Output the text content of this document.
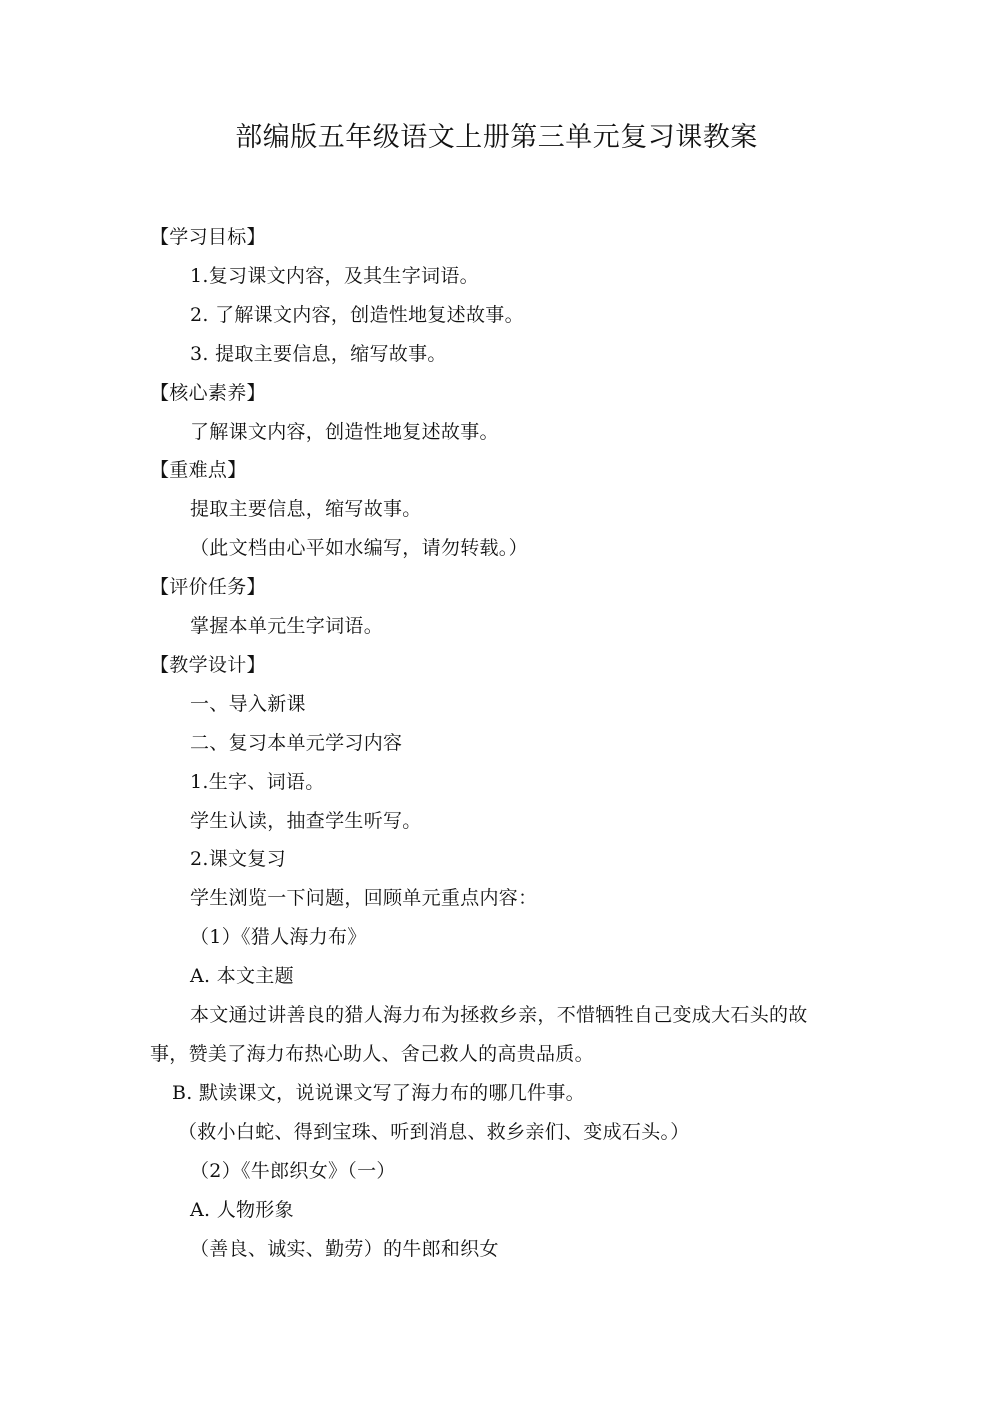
部编版五年级语文上册第三单元复习课教案
【学习目标】
1.复习课文内容，及其生字词语。
2. 了解课文内容，创造性地复述故事。
3. 提取主要信息，缩写故事。
【核心素养】
了解课文内容，创造性地复述故事。
【重难点】
提取主要信息，缩写故事。
（此文档由心平如水编写，请勿转载。）
【评价任务】
掌握本单元生字词语。
【教学设计】
一、导入新课
二、复习本单元学习内容
1.生字、词语。
学生认读，抽查学生听写。
2.课文复习
学生浏览一下问题，回顾单元重点内容：
（1）《猎人海力布》
A. 本文主题
本文通过讲善良的猎人海力布为拯救乡亲，不惜牺牲自己变成大石头的故
事，赞美了海力布热心助人、舍己救人的高贵品质。
B. 默读课文，说说课文写了海力布的哪几件事。
（救小白蛇、得到宝珠、听到消息、救乡亲们、变成石头。）
（2）《牛郎织女》（一）
A. 人物形象
（善良、诚实、勤劳）的牛郎和织女
